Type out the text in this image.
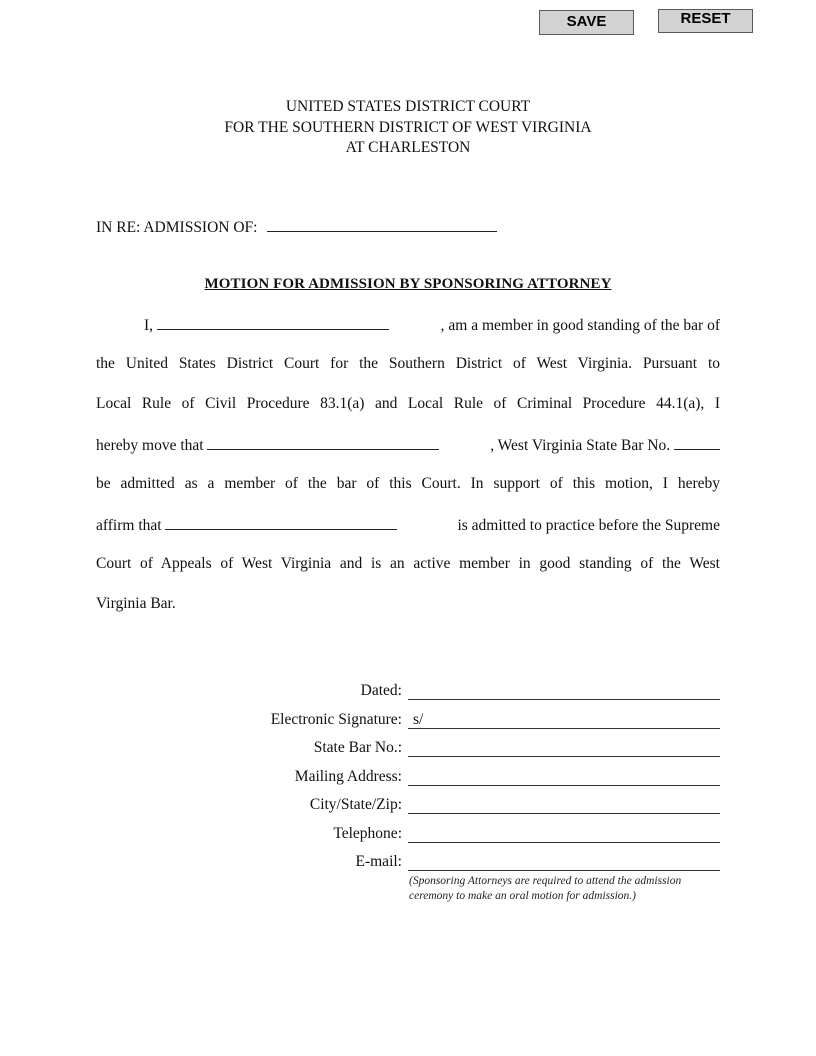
SAVE	RESET
UNITED STATES DISTRICT COURT
FOR THE SOUTHERN DISTRICT OF WEST VIRGINIA
AT CHARLESTON
IN RE: ADMISSION OF:
MOTION FOR ADMISSION BY SPONSORING ATTORNEY
I,	, am a member in good standing of the bar of
the United States District Court for the Southern District of West Virginia. Pursuant to
Local Rule of Civil Procedure 83.1(a) and Local Rule of Criminal Procedure 44.1(a), I
hereby move that	, West Virginia State Bar No.
be admitted as a member of the bar of this Court. In support of this motion, I hereby
affirm that	is admitted to practice before the Supreme
Court of Appeals of West Virginia and is an active member in good standing of the West
Virginia Bar.
Dated:
Electronic Signature: s/
State Bar No.:
Mailing Address:
City/State/Zip:
Telephone:
E-mail:
(Sponsoring Attorneys are required to attend the admission
ceremony to make an oral motion for admission.)
